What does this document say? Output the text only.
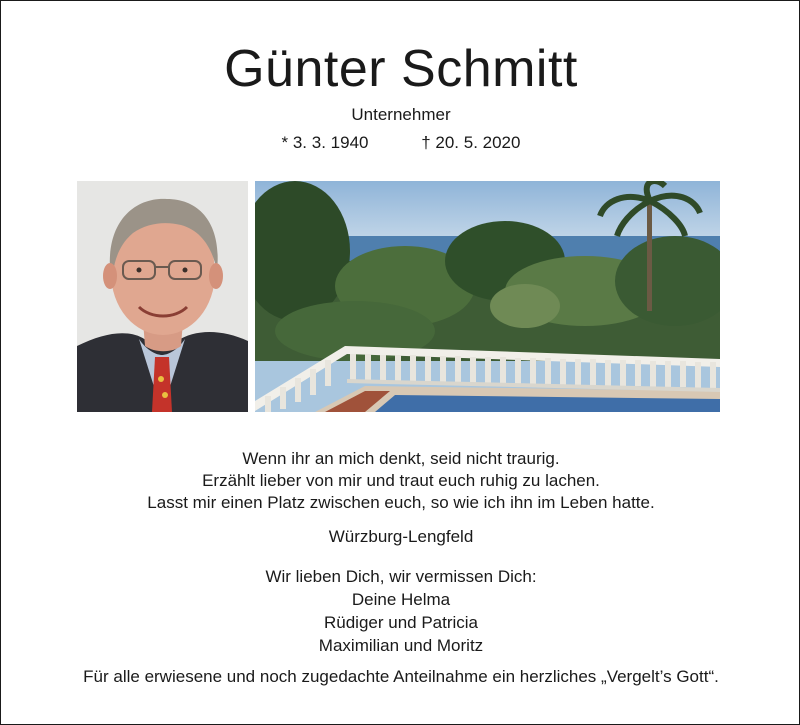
Günter Schmitt
Unternehmer
* 3. 3. 1940	† 20. 5. 2020
Wenn ihr an mich denkt, seid nicht traurig.
Erzählt lieber von mir und traut euch ruhig zu lachen.
Lasst mir einen Platz zwischen euch, so wie ich ihn im Leben hatte.
Würzburg-Lengfeld
Wir lieben Dich, wir vermissen Dich:
Deine Helma
Rüdiger und Patricia
Maximilian und Moritz
Für alle erwiesene und noch zugedachte Anteilnahme ein herzliches „Vergelt’s Gott“.
